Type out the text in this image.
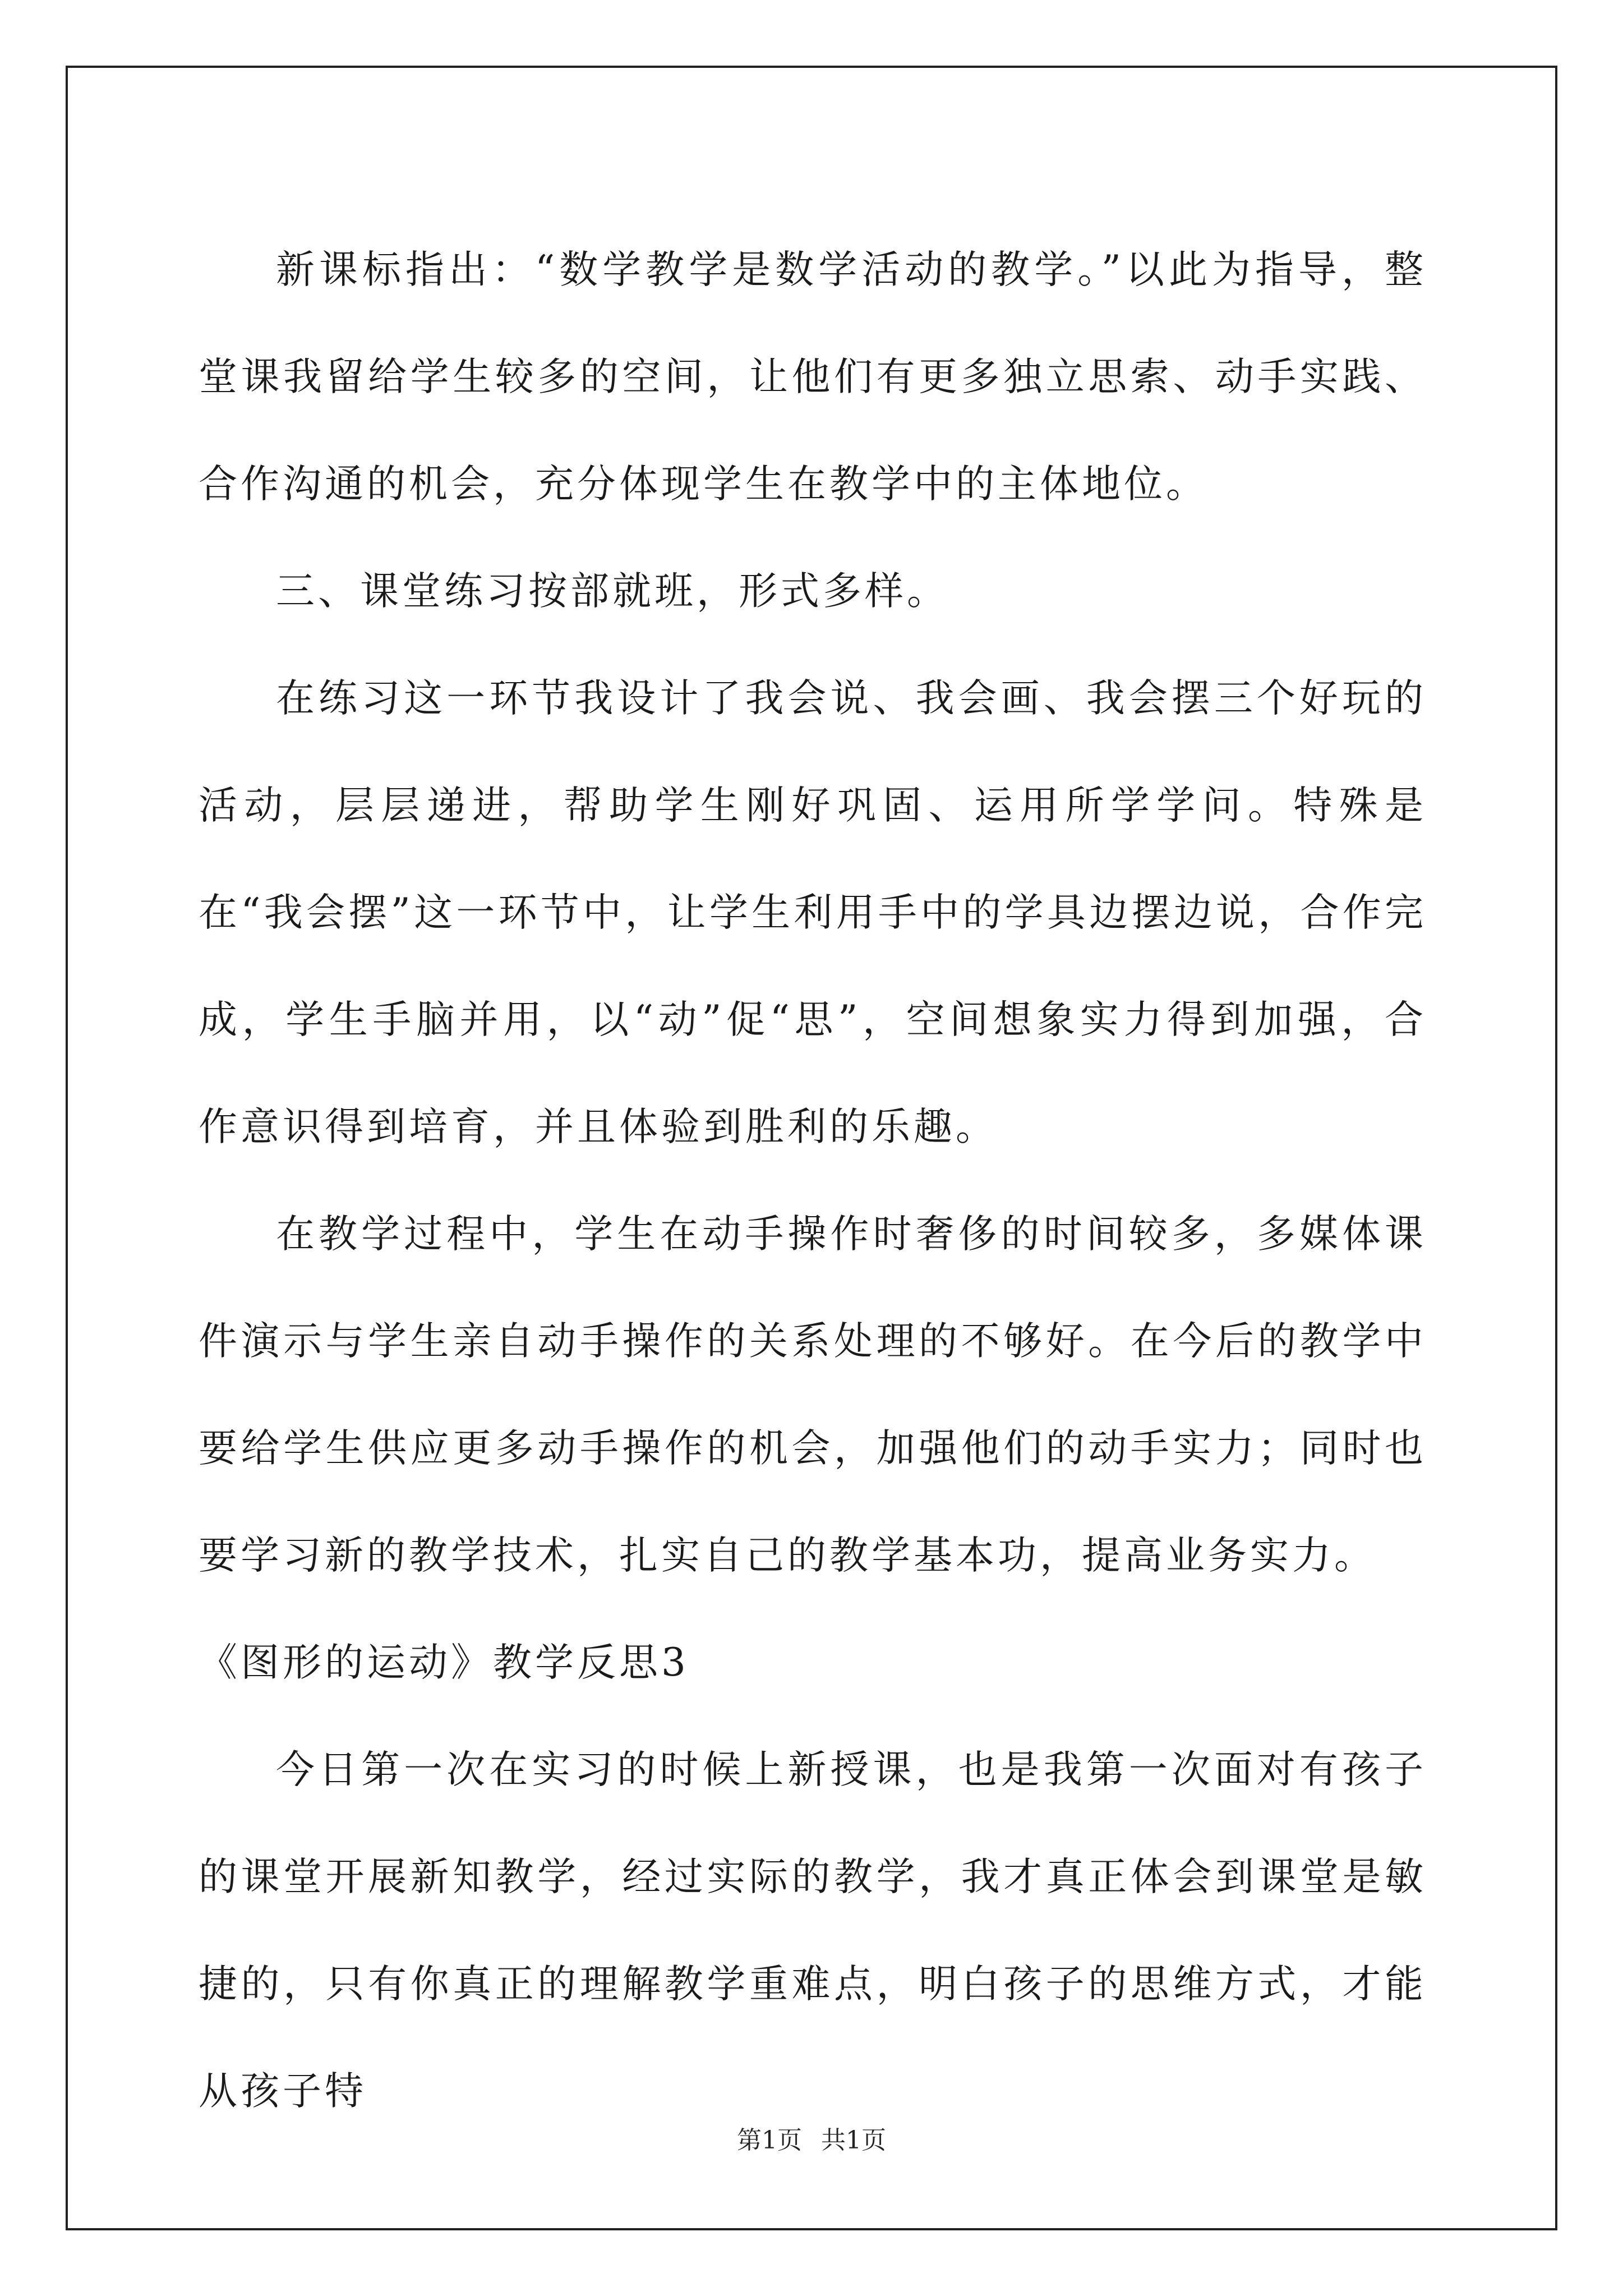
新课标指出：“数学教学是数学活动的教学。”以此为指导，整堂课我留给学生较多的空间，让他们有更多独立思索、动手实践、合作沟通的机会，充分体现学生在教学中的主体地位。

三、课堂练习按部就班，形式多样。

在练习这一环节我设计了我会说、我会画、我会摆三个好玩的活动，层层递进，帮助学生刚好巩固、运用所学学问。特殊是在“我会摆”这一环节中，让学生利用手中的学具边摆边说，合作完成，学生手脑并用，以“动”促“思”，空间想象实力得到加强，合作意识得到培育，并且体验到胜利的乐趣。

在教学过程中，学生在动手操作时奢侈的时间较多，多媒体课件演示与学生亲自动手操作的关系处理的不够好。在今后的教学中要给学生供应更多动手操作的机会，加强他们的动手实力；同时也要学习新的教学技术，扎实自己的教学基本功，提高业务实力。

《图形的运动》教学反思3

今日第一次在实习的时候上新授课，也是我第一次面对有孩子的课堂开展新知教学，经过实际的教学，我才真正体会到课堂是敏捷的，只有你真正的理解教学重难点，明白孩子的思维方式，才能从孩子特

第1页 共1页
